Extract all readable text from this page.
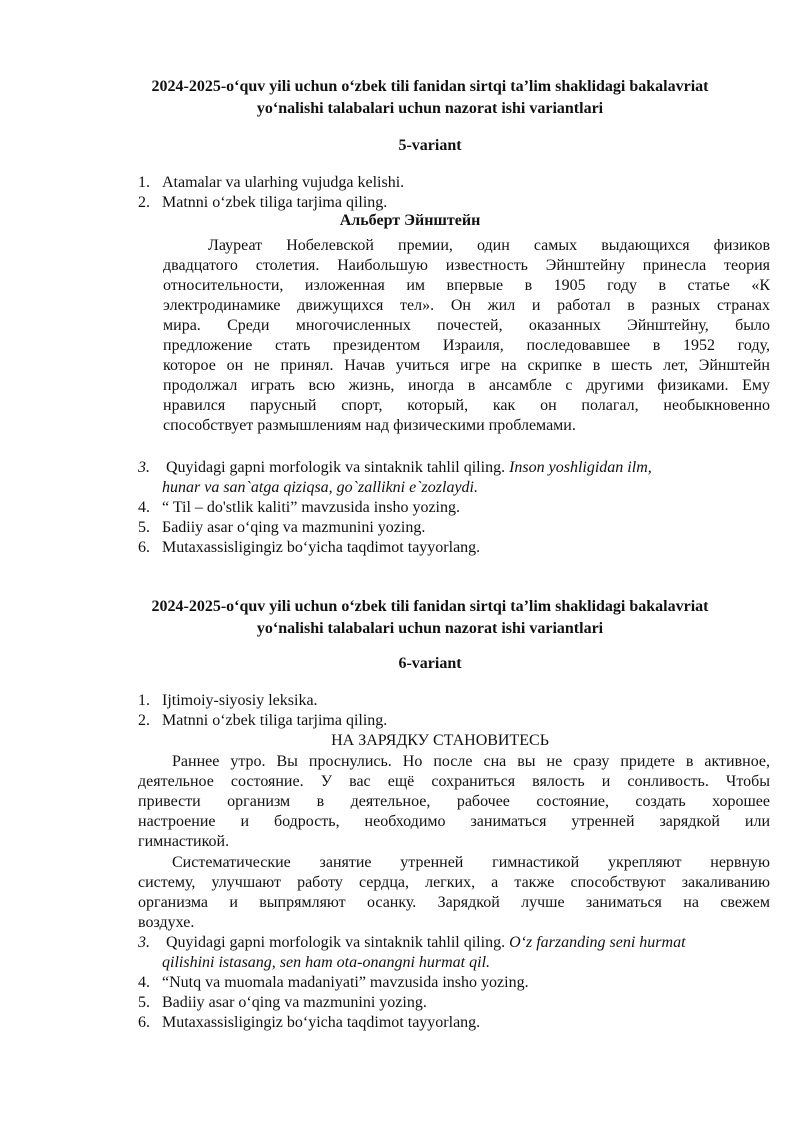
2024-2025-o‘quv yili uchun o‘zbek tili fanidan sirtqi ta’lim shaklidagi bakalavriat
yo‘nalishi talabalari uchun nazorat ishi variantlari
5-variant
1. Atamalar va ularhing vujudga kelishi.
2. Matnni o‘zbek tiliga tarjima qiling.
Альберт Эйнштейн
Лауреат Нобелевской премии, один самых выдающихся физиков
двадцатого столетия. Наибольшую известность Эйнштейну принесла теория
относительности, изложенная им впервые в 1905 году в статье «К
электродинамике движущихся тел». Он жил и работал в разных странах
мира. Среди многочисленных почестей, оказанных Эйнштейну, было
предложение стать президентом Израиля, последовавшее в 1952 году,
которое он не принял. Начав учиться игре на скрипке в шесть лет, Эйнштейн
продолжал играть всю жизнь, иногда в ансамбле с другими физиками. Ему
нравился парусный спорт, который, как он полагал, необыкновенно
способствует размышлениям над физическими проблемами.
3. Quyidagi gapni morfologik va sintaknik tahlil qiling. Inson yoshligidan ilm,
hunar va san`atga qiziqsa, go`zallikni e`zozlaydi.
4. “ Til – do'stlik kaliti” mavzusida insho yozing.
5. Бadiiy asar o‘qing va mazmunini yozing.
6. Mutaxassisligingiz bo‘yicha taqdimot tayyorlang.
2024-2025-o‘quv yili uchun o‘zbek tili fanidan sirtqi ta’lim shaklidagi bakalavriat
yo‘nalishi talabalari uchun nazorat ishi variantlari
6-variant
1. Ijtimoiy-siyosiy leksika.
2. Matnni o‘zbek tiliga tarjima qiling.
НА ЗАРЯДКУ СТАНОВИТЕСЬ
Раннее утро. Вы проснулись. Но после сна вы не сразу придете в активное,
деятельное состояние. У вас ещё сохраниться вялость и сонливость. Чтобы
привести организм в деятельное, рабочее состояние, создать хорошее
настроение и бодрость, необходимо заниматься утренней зарядкой или
гимнастикой.
Систематические занятие утренней гимнастикой укрепляют нервную
систему, улучшают работу сердца, легких, а также способствуют закаливанию
организма и выпрямляют осанку. Зарядкой лучше заниматься на свежем
воздухе.
3. Quyidagi gapni morfologik va sintaknik tahlil qiling. O‘z farzanding seni hurmat
qilishini istasang, sen ham ota-onangni hurmat qil.
4. “Nutq va muomala madaniyati” mavzusida insho yozing.
5. Badiiy asar o‘qing va mazmunini yozing.
6. Mutaxassisligingiz bo‘yicha taqdimot tayyorlang.
